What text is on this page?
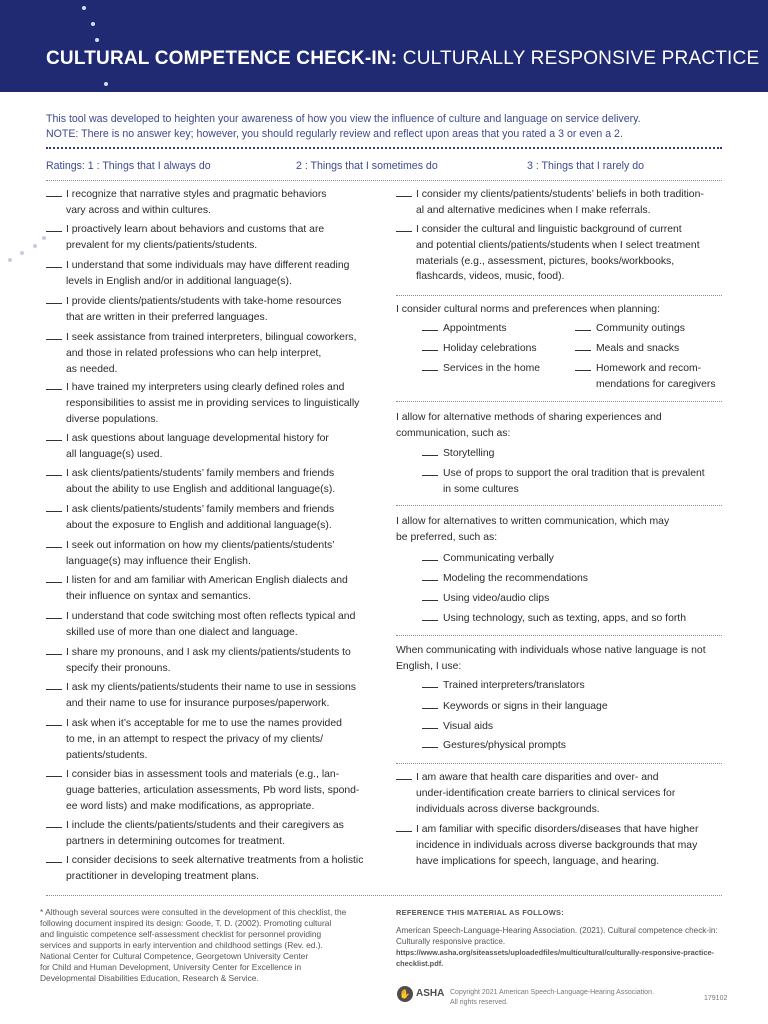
CULTURAL COMPETENCE CHECK-IN: CULTURALLY RESPONSIVE PRACTICE
This tool was developed to heighten your awareness of how you view the influence of culture and language on service delivery.
NOTE: There is no answer key; however, you should regularly review and reflect upon areas that you rated a 3 or even a 2.
Ratings: 1 : Things that I always do	2 : Things that I sometimes do	3 : Things that I rarely do
I recognize that narrative styles and pragmatic behaviors
vary across and within cultures.
I proactively learn about behaviors and customs that are
prevalent for my clients/patients/students.
I understand that some individuals may have different reading
levels in English and/or in additional language(s).
I provide clients/patients/students with take-home resources
that are written in their preferred languages.
I seek assistance from trained interpreters, bilingual coworkers,
and those in related professions who can help interpret,
as needed.
I have trained my interpreters using clearly defined roles and
responsibilities to assist me in providing services to linguistically
diverse populations.
I ask questions about language developmental history for
all language(s) used.
I ask clients/patients/students’ family members and friends
about the ability to use English and additional language(s).
I ask clients/patients/students’ family members and friends
about the exposure to English and additional language(s).
I seek out information on how my clients/patients/students’
language(s) may influence their English.
I listen for and am familiar with American English dialects and
their influence on syntax and semantics.
I understand that code switching most often reflects typical and
skilled use of more than one dialect and language.
I share my pronouns, and I ask my clients/patients/students to
specify their pronouns.
I ask my clients/patients/students their name to use in sessions
and their name to use for insurance purposes/paperwork.
I ask when it’s acceptable for me to use the names provided
to me, in an attempt to respect the privacy of my clients/
patients/students.
I consider bias in assessment tools and materials (e.g., lan-
guage batteries, articulation assessments, Pb word lists, spond-
ee word lists) and make modifications, as appropriate.
I include the clients/patients/students and their caregivers as
partners in determining outcomes for treatment.
I consider decisions to seek alternative treatments from a holistic
practitioner in developing treatment plans.
I consider cultural norms and preferences when planning:
I allow for alternative methods of sharing experiences and
communication, such as:
I allow for alternatives to written communication, which may
be preferred, such as:
When communicating with individuals whose native language is not
English, I use:
I consider my clients/patients/students’ beliefs in both tradition-
al and alternative medicines when I make referrals.
I consider the cultural and linguistic background of current
and potential clients/patients/students when I select treatment
materials (e.g., assessment, pictures, books/workbooks,
flashcards, videos, music, food).
Appointments
Holiday celebrations
Services in the home
Community outings
Meals and snacks
Homework and recom-
mendations for caregivers
Storytelling
Use of props to support the oral tradition that is prevalent
in some cultures
Communicating verbally
Modeling the recommendations
Using video/audio clips
Using technology, such as texting, apps, and so forth
Trained interpreters/translators
Keywords or signs in their language
Visual aids
Gestures/physical prompts
I am aware that health care disparities and over- and
under-identification create barriers to clinical services for
individuals across diverse backgrounds.
I am familiar with specific disorders/diseases that have higher
incidence in individuals across diverse backgrounds that may
have implications for speech, language, and hearing.
* Although several sources were consulted in the development of this checklist, the
following document inspired its design: Goode, T. D. (2002). Promoting cultural
and linguistic competence self-assessment checklist for personnel providing
services and supports in early intervention and childhood settings (Rev. ed.).
National Center for Cultural Competence, Georgetown University Center
for Child and Human Development, University Center for Excellence in
Developmental Disabilities Education, Research & Service.
REFERENCE THIS MATERIAL AS FOLLOWS:
American Speech-Language-Hearing Association. (2021). Cultural competence check-in: Culturally responsive practice. https://www.asha.org/siteassets/uploadedfiles/multicultural/culturally-responsive-practice-checklist.pdf.
✋ ASHA Copyright 2021 American Speech-Language-Hearing Association.
All rights reserved.
179102
